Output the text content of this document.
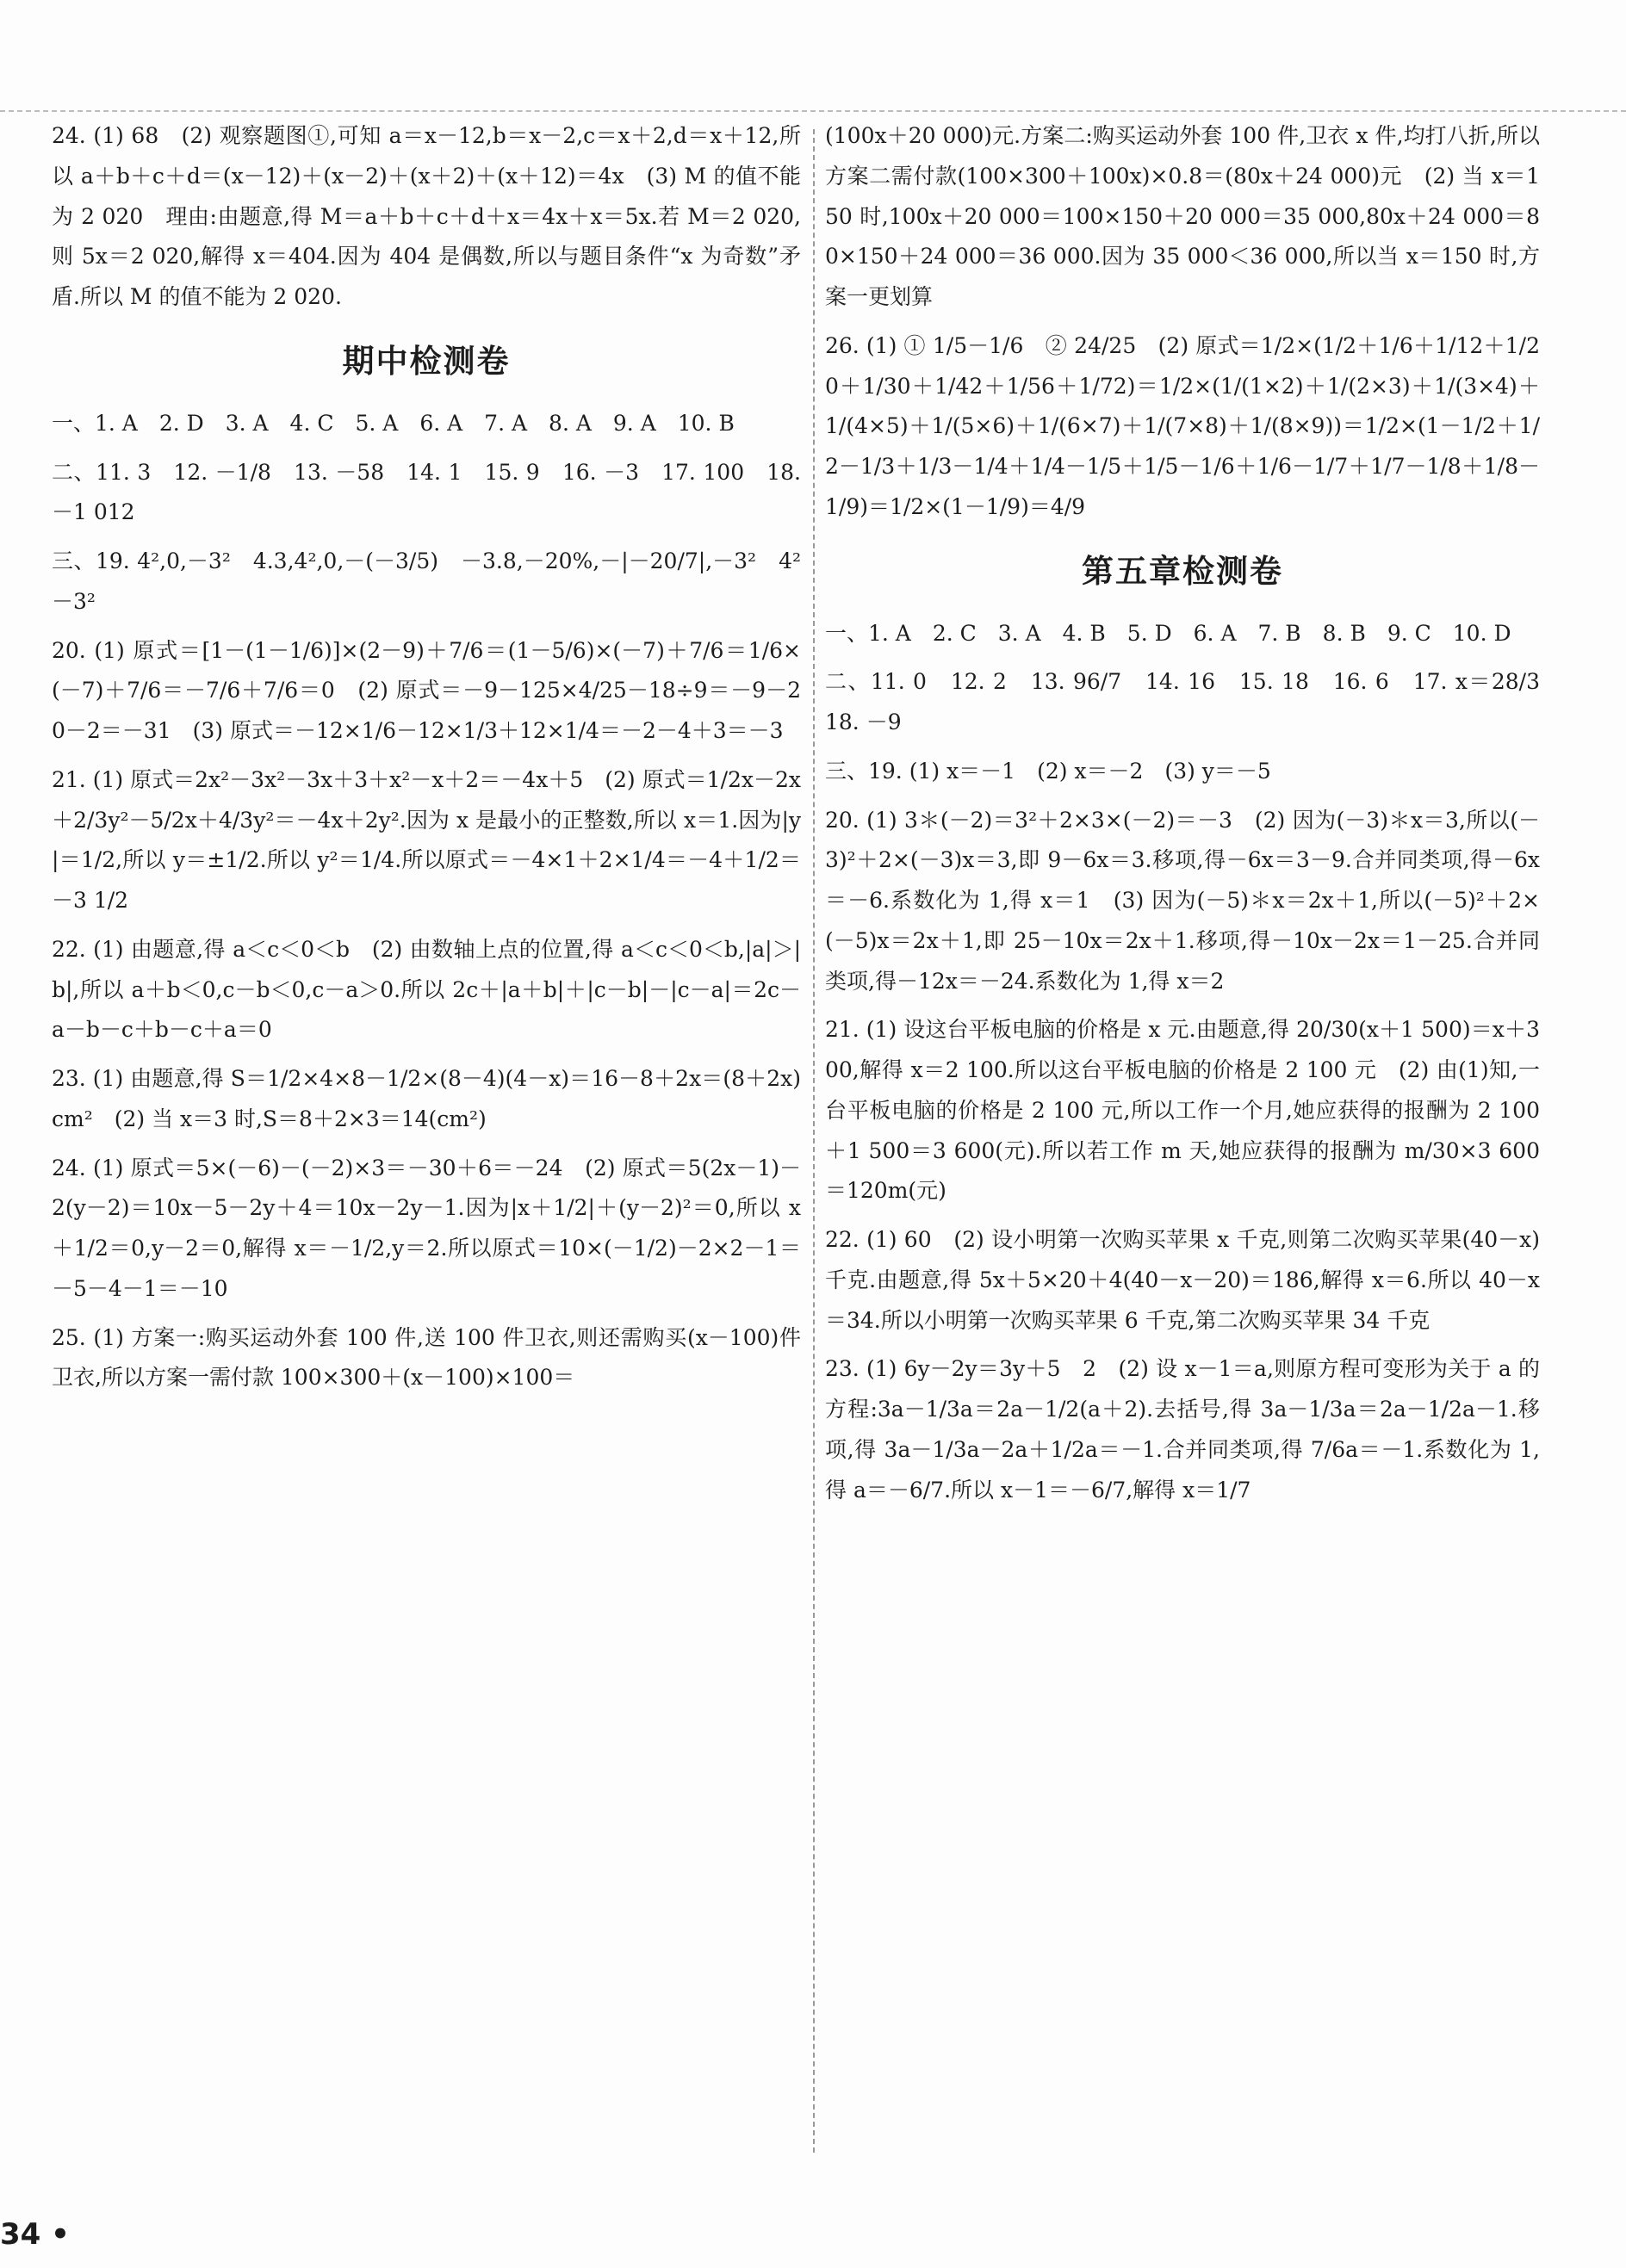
24. (1) 68　(2) 观察题图①,可知 a＝x－12,b＝x－2,c＝x＋2,d＝x＋12,所以 a＋b＋c＋d＝(x－12)＋(x－2)＋(x＋2)＋(x＋12)＝4x　(3) M 的值不能为 2 020　理由:由题意,得 M＝a＋b＋c＋d＋x＝4x＋x＝5x.若 M＝2 020,则 5x＝2 020,解得 x＝404.因为 404 是偶数,所以与题目条件“x 为奇数”矛盾.所以 M 的值不能为 2 020.

期中检测卷

一、1. A　2. D　3. A　4. C　5. A　6. A　7. A　8. A　9. A　10. B

二、11. 3　12. －1/8　13. －58　14. 1　15. 9　16. －3　17. 100　18. －1 012

三、19. 4²,0,－3²　4.3,4²,0,－(－3/5)　－3.8,－20%,－|－20/7|,－3²　4²　－3²

20. (1) 原式＝[1－(1－1/6)]×(2－9)＋7/6＝(1－5/6)×(－7)＋7/6＝1/6×(－7)＋7/6＝－7/6＋7/6＝0　(2) 原式＝－9－125×4/25－18÷9＝－9－20－2＝－31　(3) 原式＝－12×1/6－12×1/3＋12×1/4＝－2－4＋3＝－3

21. (1) 原式＝2x²－3x²－3x＋3＋x²－x＋2＝－4x＋5　(2) 原式＝1/2x－2x＋2/3y²－5/2x＋4/3y²＝－4x＋2y².因为 x 是最小的正整数,所以 x＝1.因为|y|＝1/2,所以 y＝±1/2.所以 y²＝1/4.所以原式＝－4×1＋2×1/4＝－4＋1/2＝－3 1/2

22. (1) 由题意,得 a＜c＜0＜b　(2) 由数轴上点的位置,得 a＜c＜0＜b,|a|＞|b|,所以 a＋b＜0,c－b＜0,c－a＞0.所以 2c＋|a＋b|＋|c－b|－|c－a|＝2c－a－b－c＋b－c＋a＝0

23. (1) 由题意,得 S＝1/2×4×8－1/2×(8－4)(4－x)＝16－8＋2x＝(8＋2x)cm²　(2) 当 x＝3 时,S＝8＋2×3＝14(cm²)

24. (1) 原式＝5×(－6)－(－2)×3＝－30＋6＝－24　(2) 原式＝5(2x－1)－2(y－2)＝10x－5－2y＋4＝10x－2y－1.因为|x＋1/2|＋(y－2)²＝0,所以 x＋1/2＝0,y－2＝0,解得 x＝－1/2,y＝2.所以原式＝10×(－1/2)－2×2－1＝－5－4－1＝－10

25. (1) 方案一:购买运动外套 100 件,送 100 件卫衣,则还需购买(x－100)件卫衣,所以方案一需付款 100×300＋(x－100)×100＝

(100x＋20 000)元.方案二:购买运动外套 100 件,卫衣 x 件,均打八折,所以方案二需付款(100×300＋100x)×0.8＝(80x＋24 000)元　(2) 当 x＝150 时,100x＋20 000＝100×150＋20 000＝35 000,80x＋24 000＝80×150＋24 000＝36 000.因为 35 000＜36 000,所以当 x＝150 时,方案一更划算

26. (1) ① 1/5－1/6　② 24/25　(2) 原式＝1/2×(1/2＋1/6＋1/12＋1/20＋1/30＋1/42＋1/56＋1/72)＝1/2×(1/(1×2)＋1/(2×3)＋1/(3×4)＋1/(4×5)＋1/(5×6)＋1/(6×7)＋1/(7×8)＋1/(8×9))＝1/2×(1－1/2＋1/2－1/3＋1/3－1/4＋1/4－1/5＋1/5－1/6＋1/6－1/7＋1/7－1/8＋1/8－1/9)＝1/2×(1－1/9)＝4/9

第五章检测卷

一、1. A　2. C　3. A　4. B　5. D　6. A　7. B　8. B　9. C　10. D

二、11. 0　12. 2　13. 96/7　14. 16　15. 18　16. 6　17. x＝28/3　18. －9

三、19. (1) x＝－1　(2) x＝－2　(3) y＝－5

20. (1) 3＊(－2)＝3²＋2×3×(－2)＝－3　(2) 因为(－3)＊x＝3,所以(－3)²＋2×(－3)x＝3,即 9－6x＝3.移项,得－6x＝3－9.合并同类项,得－6x＝－6.系数化为 1,得 x＝1　(3) 因为(－5)＊x＝2x＋1,所以(－5)²＋2×(－5)x＝2x＋1,即 25－10x＝2x＋1.移项,得－10x－2x＝1－25.合并同类项,得－12x＝－24.系数化为 1,得 x＝2

21. (1) 设这台平板电脑的价格是 x 元.由题意,得 20/30(x＋1 500)＝x＋300,解得 x＝2 100.所以这台平板电脑的价格是 2 100 元　(2) 由(1)知,一台平板电脑的价格是 2 100 元,所以工作一个月,她应获得的报酬为 2 100＋1 500＝3 600(元).所以若工作 m 天,她应获得的报酬为 m/30×3 600＝120m(元)

22. (1) 60　(2) 设小明第一次购买苹果 x 千克,则第二次购买苹果(40－x)千克.由题意,得 5x＋5×20＋4(40－x－20)＝186,解得 x＝6.所以 40－x＝34.所以小明第一次购买苹果 6 千克,第二次购买苹果 34 千克

23. (1) 6y－2y＝3y＋5　2　(2) 设 x－1＝a,则原方程可变形为关于 a 的方程:3a－1/3a＝2a－1/2(a＋2).去括号,得 3a－1/3a＝2a－1/2a－1.移项,得 3a－1/3a－2a＋1/2a＝－1.合并同类项,得 7/6a＝－1.系数化为 1,得 a＝－6/7.所以 x－1＝－6/7,解得 x＝1/7

34 •
